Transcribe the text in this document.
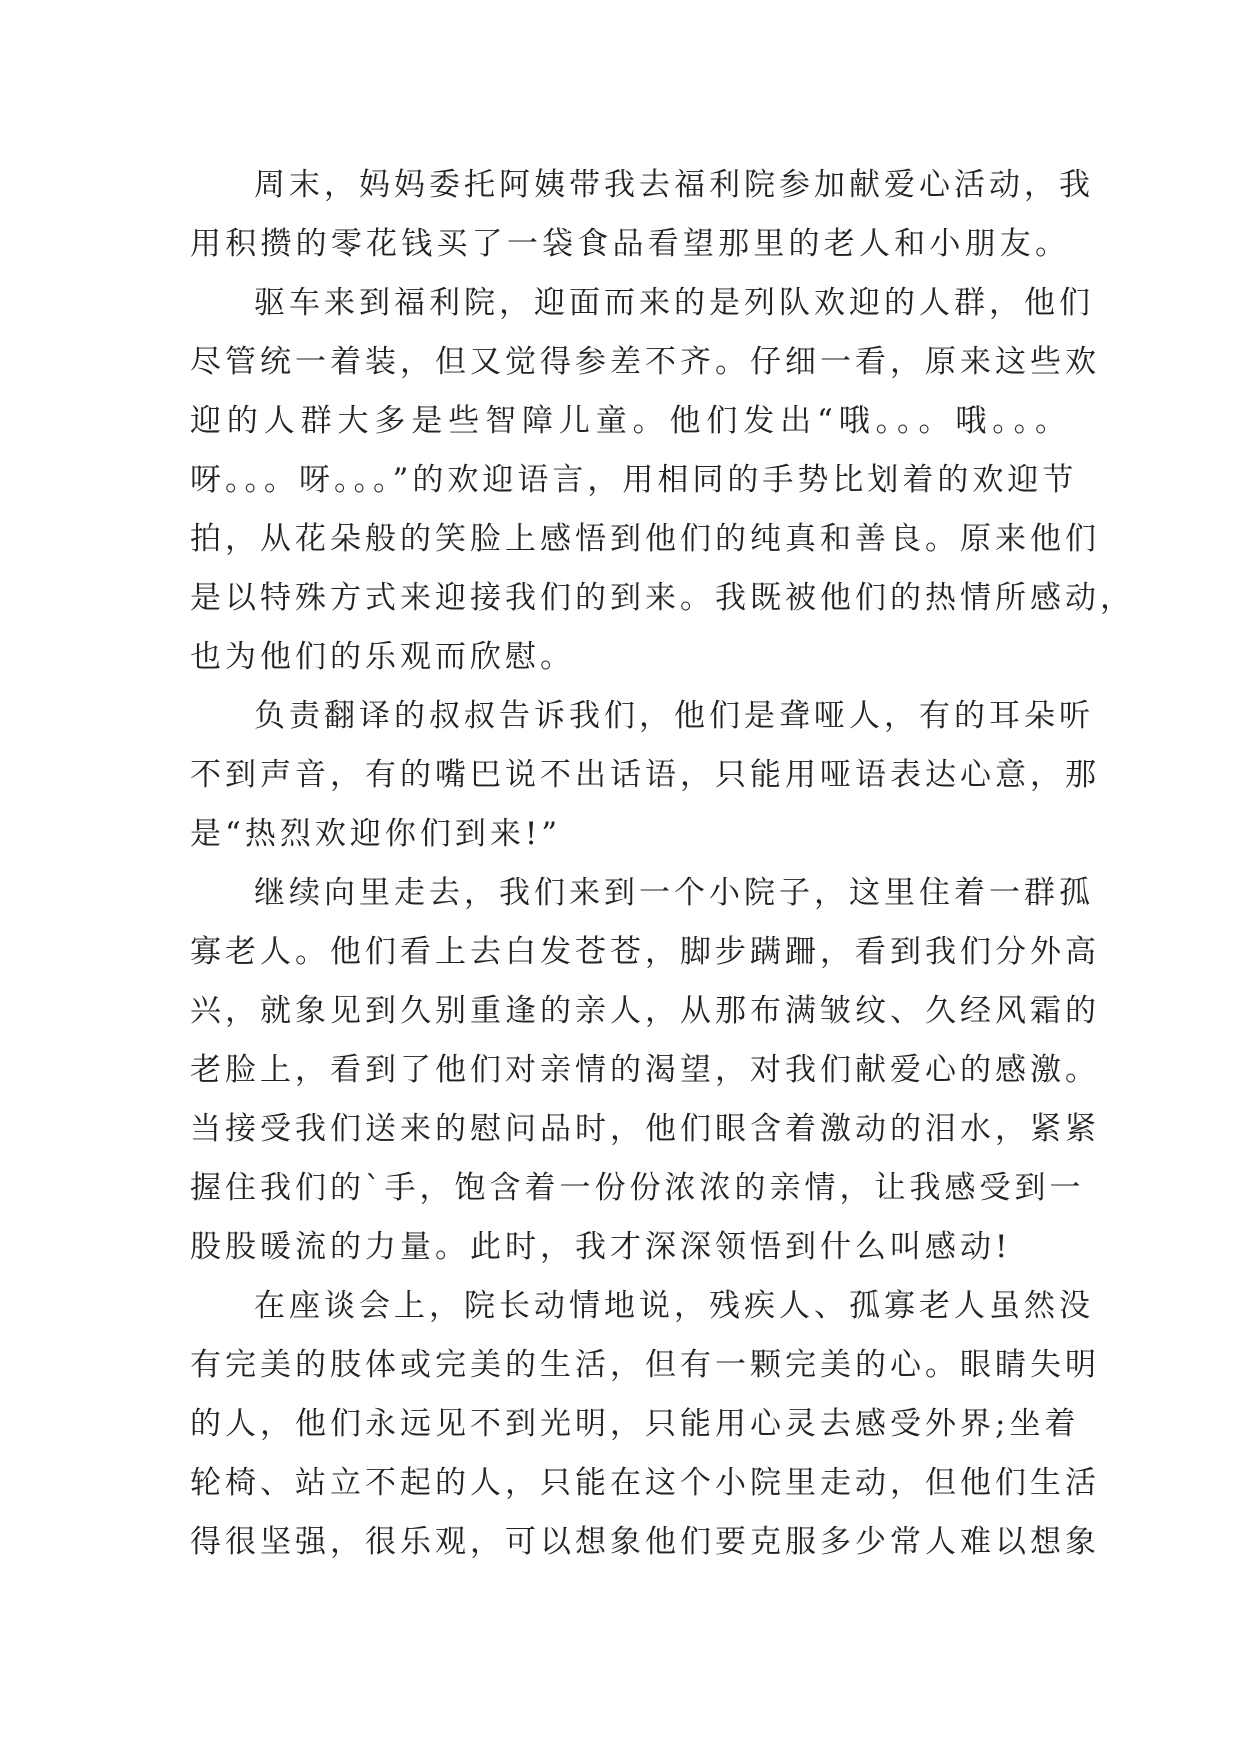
周末，妈妈委托阿姨带我去福利院参加献爱心活动，我
用积攒的零花钱买了一袋食品看望那里的老人和小朋友。
驱车来到福利院，迎面而来的是列队欢迎的人群，他们
尽管统一着装，但又觉得参差不齐。仔细一看，原来这些欢
迎的人群大多是些智障儿童。他们发出“哦。。。哦。。。
呀。。。呀。。。”的欢迎语言，用相同的手势比划着的欢迎节
拍，从花朵般的笑脸上感悟到他们的纯真和善良。原来他们
是以特殊方式来迎接我们的到来。我既被他们的热情所感动，
也为他们的乐观而欣慰。
负责翻译的叔叔告诉我们，他们是聋哑人，有的耳朵听
不到声音，有的嘴巴说不出话语，只能用哑语表达心意，那
是“热烈欢迎你们到来!”
继续向里走去，我们来到一个小院子，这里住着一群孤
寡老人。他们看上去白发苍苍，脚步蹒跚，看到我们分外高
兴，就象见到久别重逢的亲人，从那布满皱纹、久经风霜的
老脸上，看到了他们对亲情的渴望，对我们献爱心的感激。
当接受我们送来的慰问品时，他们眼含着激动的泪水，紧紧
握住我们的`手，饱含着一份份浓浓的亲情，让我感受到一
股股暖流的力量。此时，我才深深领悟到什么叫感动!
在座谈会上，院长动情地说，残疾人、孤寡老人虽然没
有完美的肢体或完美的生活，但有一颗完美的心。眼睛失明
的人，他们永远见不到光明，只能用心灵去感受外界;坐着
轮椅、站立不起的人，只能在这个小院里走动，但他们生活
得很坚强，很乐观，可以想象他们要克服多少常人难以想象
